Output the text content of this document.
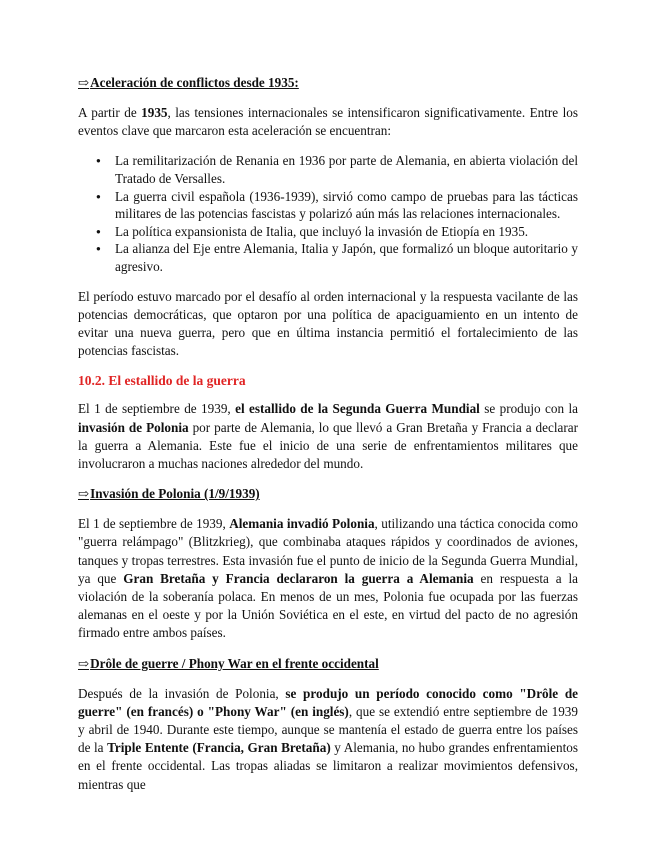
⇨Aceleración de conflictos desde 1935:

A partir de 1935, las tensiones internacionales se intensificaron significativamente. Entre los eventos clave que marcaron esta aceleración se encuentran:

● La remilitarización de Renania en 1936 por parte de Alemania, en abierta violación del Tratado de Versalles.
● La guerra civil española (1936-1939), sirvió como campo de pruebas para las tácticas militares de las potencias fascistas y polarizó aún más las relaciones internacionales.
● La política expansionista de Italia, que incluyó la invasión de Etiopía en 1935.
● La alianza del Eje entre Alemania, Italia y Japón, que formalizó un bloque autoritario y agresivo.

El período estuvo marcado por el desafío al orden internacional y la respuesta vacilante de las potencias democráticas, que optaron por una política de apaciguamiento en un intento de evitar una nueva guerra, pero que en última instancia permitió el fortalecimiento de las potencias fascistas.

10.2. El estallido de la guerra

El 1 de septiembre de 1939, el estallido de la Segunda Guerra Mundial se produjo con la invasión de Polonia por parte de Alemania, lo que llevó a Gran Bretaña y Francia a declarar la guerra a Alemania. Este fue el inicio de una serie de enfrentamientos militares que involucraron a muchas naciones alrededor del mundo.

⇨Invasión de Polonia (1/9/1939)

El 1 de septiembre de 1939, Alemania invadió Polonia, utilizando una táctica conocida como "guerra relámpago" (Blitzkrieg), que combinaba ataques rápidos y coordinados de aviones, tanques y tropas terrestres. Esta invasión fue el punto de inicio de la Segunda Guerra Mundial, ya que Gran Bretaña y Francia declararon la guerra a Alemania en respuesta a la violación de la soberanía polaca. En menos de un mes, Polonia fue ocupada por las fuerzas alemanas en el oeste y por la Unión Soviética en el este, en virtud del pacto de no agresión firmado entre ambos países.

⇨Drôle de guerre / Phony War en el frente occidental

Después de la invasión de Polonia, se produjo un período conocido como "Drôle de guerre" (en francés) o "Phony War" (en inglés), que se extendió entre septiembre de 1939 y abril de 1940. Durante este tiempo, aunque se mantenía el estado de guerra entre los países de la Triple Entente (Francia, Gran Bretaña) y Alemania, no hubo grandes enfrentamientos en el frente occidental. Las tropas aliadas se limitaron a realizar movimientos defensivos, mientras que
